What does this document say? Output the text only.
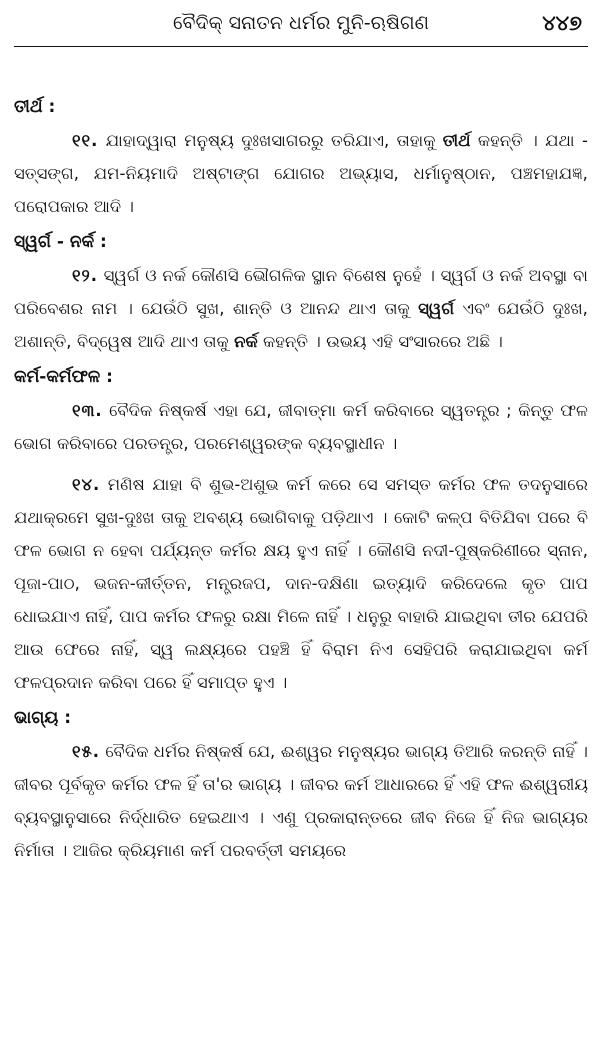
ବୈଦିକ୍ ସନାତନ ଧର୍ମର ମୁନି-ଋଷିଗଣ	୪୪୭
ତୀର୍ଥ :

୧୧. ଯାହାଦ୍ୱାରା ମନୁଷ୍ୟ ଦୁଃଖସାଗରରୁ ତରିଯାଏ, ତାହାକୁ ତୀର୍ଥ କହନ୍ତି । ଯଥା - ସତ୍‌ସଙ୍ଗ, ଯମ-ନିୟମାଦି ଅଷ୍ଟାଙ୍ଗ ଯୋଗର ଅଭ୍ୟାସ, ଧର୍ମାନୁଷ୍ଠାନ, ପଞ୍ଚମହାଯଜ୍ଞ, ପରୋପକାର ଆଦି ।

ସ୍ୱର୍ଗ - ନର୍କ :

୧୨. ସ୍ୱର୍ଗ ଓ ନର୍କ କୌଣସି ଭୌଗଳିକ ସ୍ଥାନ ବିଶେଷ ନୁହେଁ । ସ୍ୱର୍ଗ ଓ ନର୍କ ଅବସ୍ଥା ବା ପରିବେଶର ନାମ । ଯେଉଁଠି ସୁଖ, ଶାନ୍ତି ଓ ଆନନ୍ଦ ଥାଏ ତାକୁ ସ୍ୱର୍ଗ ଏବଂ ଯେଉଁଠି ଦୁଃଖ, ଅଶାନ୍ତି, ବିଦ୍ୱେଷ ଆଦି ଥାଏ ତାକୁ ନର୍କ କହନ୍ତି । ଉଭୟ ଏହି ସଂସାରରେ ଅଛି ।

କର୍ମ-କର୍ମଫଳ :

୧୩. ବୈଦିକ ନିଷ୍କର୍ଷ ଏହା ଯେ, ଜୀବାତ୍ମା କର୍ମ କରିବାରେ ସ୍ୱତନ୍ତ୍ର ; କିନ୍ତୁ ଫଳ ଭୋଗ କରିବାରେ ପରତନ୍ତ୍ର, ପରମେଶ୍ୱରଙ୍କ ବ୍ୟବସ୍ଥାଧୀନ ।

୧୪. ମଣିଷ ଯାହା ବି ଶୁଭ-ଅଶୁଭ କର୍ମ କରେ ସେ ସମସ୍ତ କର୍ମର ଫଳ ତଦନୁସାରେ ଯଥାକ୍ରମେ ସୁଖ-ଦୁଃଖ ତାକୁ ଅବଶ୍ୟ ଭୋଗିବାକୁ ପଡ଼ିଥାଏ । କୋଟି କଳ୍ପ ବିତିଯିବା ପରେ ବି ଫଳ ଭୋଗ ନ ହେବା ପର୍ଯ୍ୟନ୍ତ କର୍ମର କ୍ଷୟ ହୁଏ ନାହିଁ । କୌଣସି ନଦୀ-ପୁଷ୍କରିଣୀରେ ସ୍ନାନ, ପୂଜା-ପାଠ, ଭଜନ-କୀର୍ତ୍ତନ, ମନ୍ତ୍ରଜପ, ଦାନ-ଦକ୍ଷିଣା ଇତ୍ୟାଦି କରିଦେଲେ କୃତ ପାପ ଧୋଇଯାଏ ନାହିଁ, ପାପ କର୍ମର ଫଳରୁ ରକ୍ଷା ମିଳେ ନାହିଁ । ଧନୁରୁ ବାହାରି ଯାଇଥିବା ତୀର ଯେପରି ଆଉ ଫେରେ ନାହିଁ, ସ୍ୱ ଲକ୍ଷ୍ୟରେ ପହଞ୍ଚି ହିଁ ବିରାମ ନିଏ ସେହିପରି କରାଯାଇଥିବା କର୍ମ ଫଳପ୍ରଦାନ କରିବା ପରେ ହିଁ ସମାପ୍ତ ହୁଏ ।

ଭାଗ୍ୟ :

୧୫. ବୈଦିକ ଧର୍ମର ନିଷ୍କର୍ଷ ଯେ, ଈଶ୍ୱର ମନୁଷ୍ୟର ଭାଗ୍ୟ ତିଆରି କରନ୍ତି ନାହିଁ । ଜୀବର ପୂର୍ବକୃତ କର୍ମର ଫଳ ହିଁ ତା'ର ଭାଗ୍ୟ । ଜୀବର କର୍ମ ଆଧାରରେ ହିଁ ଏହି ଫଳ ଈଶ୍ୱରୀୟ ବ୍ୟବସ୍ଥାନୁସାରେ ନିର୍ଦ୍ଧାରିତ ହେଇଥାଏ । ଏଣୁ ପ୍ରକାରାନ୍ତରେ ଜୀବ ନିଜେ ହିଁ ନିଜ ଭାଗ୍ୟର ନିର୍ମାତା । ଆଜିର କ୍ରିୟମାଣ କର୍ମ ପରବର୍ତ୍ତୀ ସମୟରେ
